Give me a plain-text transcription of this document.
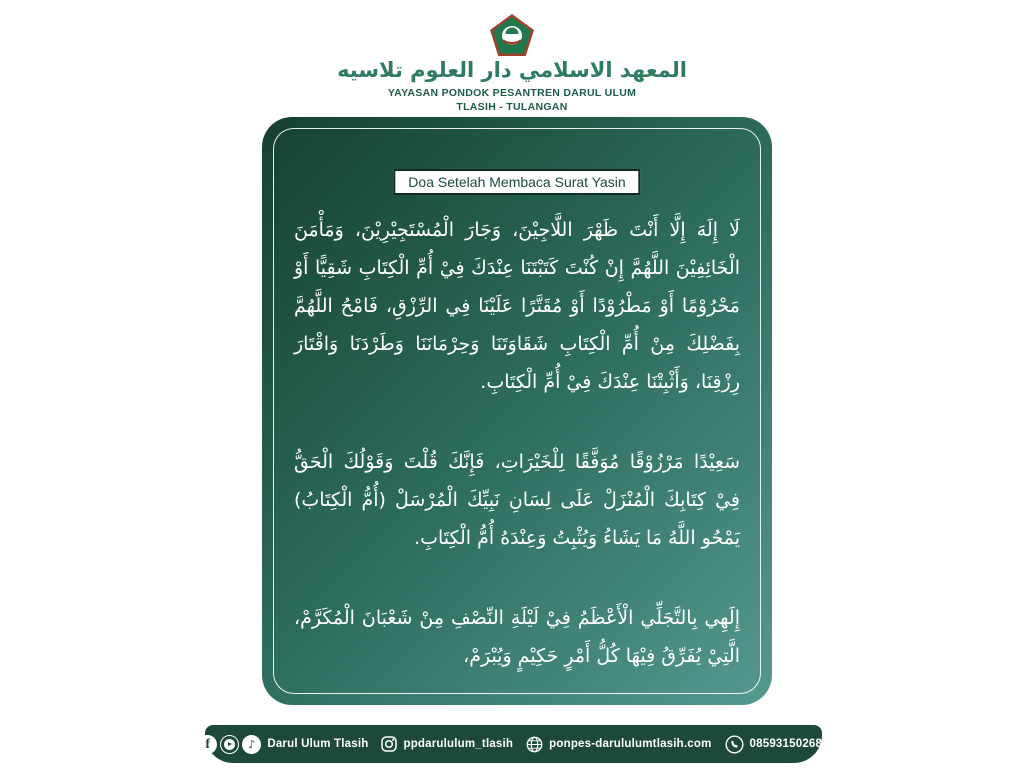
المعهد الاسلامي دار العلوم تلاسيه
YAYASAN PONDOK PESANTREN DARUL ULUM
TLASIH - TULANGAN
Doa Setelah Membaca Surat Yasin

لَا إِلَهَ إِلَّا أَنْتَ ظَهْرَ اللَّاجِيْنَ، وَجَارَ الْمُسْتَجِيْرِيْنَ، وَمَأْمَنَ الْخَائِفِيْنَ اللَّهُمَّ إِنْ كُنْتَ كَتَبْتَنَا عِنْدَكَ فِيْ أُمِّ الْكِتَابِ شَقِيًّا أَوْ مَحْرُوْمًا أَوْ مَطْرُوْدًا أَوْ مُقَتَّرًا عَلَيْنَا فِي الرِّزْقِ، فَامْحُ اللَّهُمَّ بِفَضْلِكَ مِنْ أُمِّ الْكِتَابِ شَقَاوَتَنَا وَحِرْمَانَنَا وَطَرْدَنَا وَاقْتَارَ رِزْقِنَا، وَأَثْبِتْنَا عِنْدَكَ فِيْ أُمِّ الْكِتَابِ.

سَعِيْدًا مَرْزُوْقًا مُوَفَّقًا لِلْخَيْرَاتِ، فَإِنَّكَ قُلْتَ وَقَوْلُكَ الْحَقُّ فِيْ كِتَابِكَ الْمُنْزَلْ عَلَى لِسَانِ نَبِيِّكَ الْمُرْسَلْ (أُمُّ الْكِتَابُ) يَمْحُو اللَّهُ مَا يَشَاءُ وَيُثْبِتُ وَعِنْدَهُ أُمُّ الْكِتَابِ.

إِلَهِي بِالتَّجَلِّي الْأَعْظَمُ فِيْ لَيْلَةِ النِّصْفِ مِنْ شَعْبَانَ الْمُكَرَّمْ، الَّتِيْ يُفَرِّقُ فِيْهَا كُلُّ أَمْرٍ حَكِيْمٍ وَيُبْرَمْ،

f	♪ Darul Ulum Tlasih	ppdarululum_tlasih	ponpes-darululumtlasih.com	085931502683
